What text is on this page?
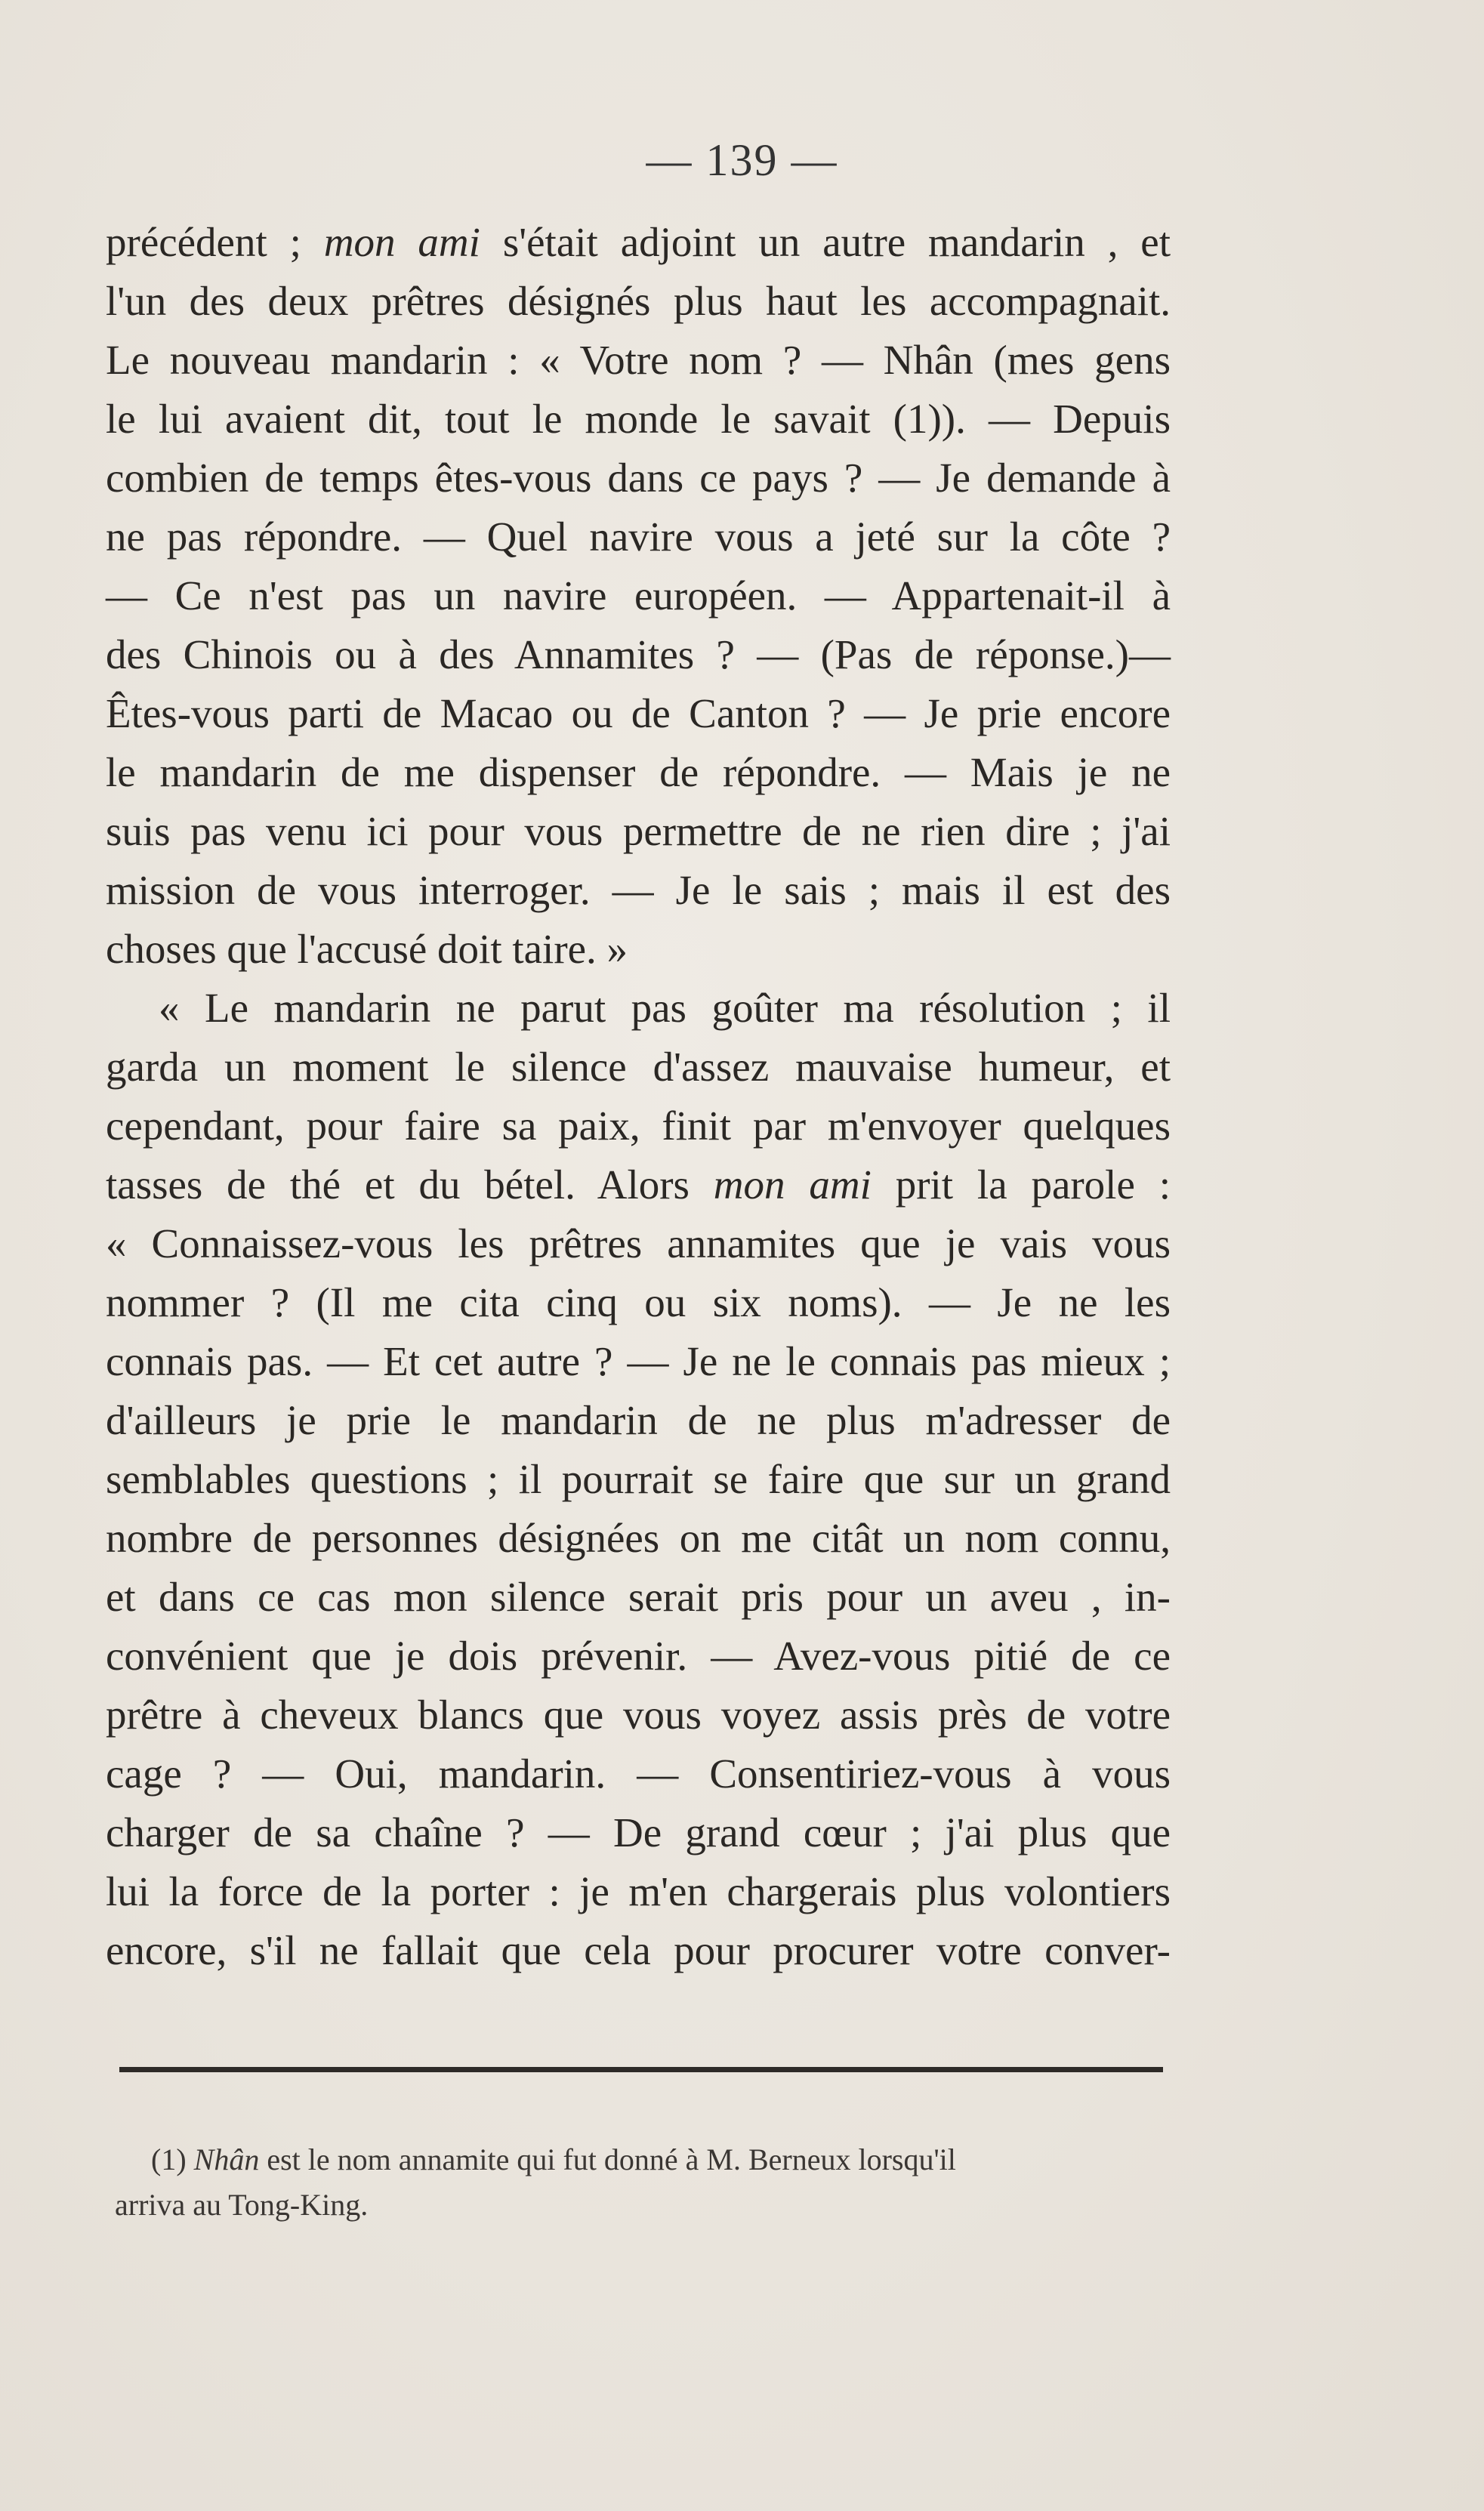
— 139 —
précédent ; mon ami s'était adjoint un autre mandarin , et
l'un des deux prêtres désignés plus haut les accompagnait.
Le nouveau mandarin : « Votre nom ? — Nhân (mes gens
le lui avaient dit, tout le monde le savait (1)). — Depuis
combien de temps êtes-vous dans ce pays ? — Je demande à
ne pas répondre. — Quel navire vous a jeté sur la côte ?
— Ce n'est pas un navire européen. — Appartenait-il à
des Chinois ou à des Annamites ? — (Pas de réponse.)—
Êtes-vous parti de Macao ou de Canton ? — Je prie encore
le mandarin de me dispenser de répondre. — Mais je ne
suis pas venu ici pour vous permettre de ne rien dire ; j'ai
mission de vous interroger. — Je le sais ; mais il est des
choses que l'accusé doit taire. »
« Le mandarin ne parut pas goûter ma résolution ; il
garda un moment le silence d'assez mauvaise humeur, et
cependant, pour faire sa paix, finit par m'envoyer quelques
tasses de thé et du bétel. Alors mon ami prit la parole :
« Connaissez-vous les prêtres annamites que je vais vous
nommer ? (Il me cita cinq ou six noms). — Je ne les
connais pas. — Et cet autre ? — Je ne le connais pas mieux ;
d'ailleurs je prie le mandarin de ne plus m'adresser de
semblables questions ; il pourrait se faire que sur un grand
nombre de personnes désignées on me citât un nom connu,
et dans ce cas mon silence serait pris pour un aveu , in-
convénient que je dois prévenir. — Avez-vous pitié de ce
prêtre à cheveux blancs que vous voyez assis près de votre
cage ? — Oui, mandarin. — Consentiriez-vous à vous
charger de sa chaîne ? — De grand cœur ; j'ai plus que
lui la force de la porter : je m'en chargerais plus volontiers
encore, s'il ne fallait que cela pour procurer votre conver-
(1) Nhân est le nom annamite qui fut donné à M. Berneux lorsqu'il
arriva au Tong-King.
